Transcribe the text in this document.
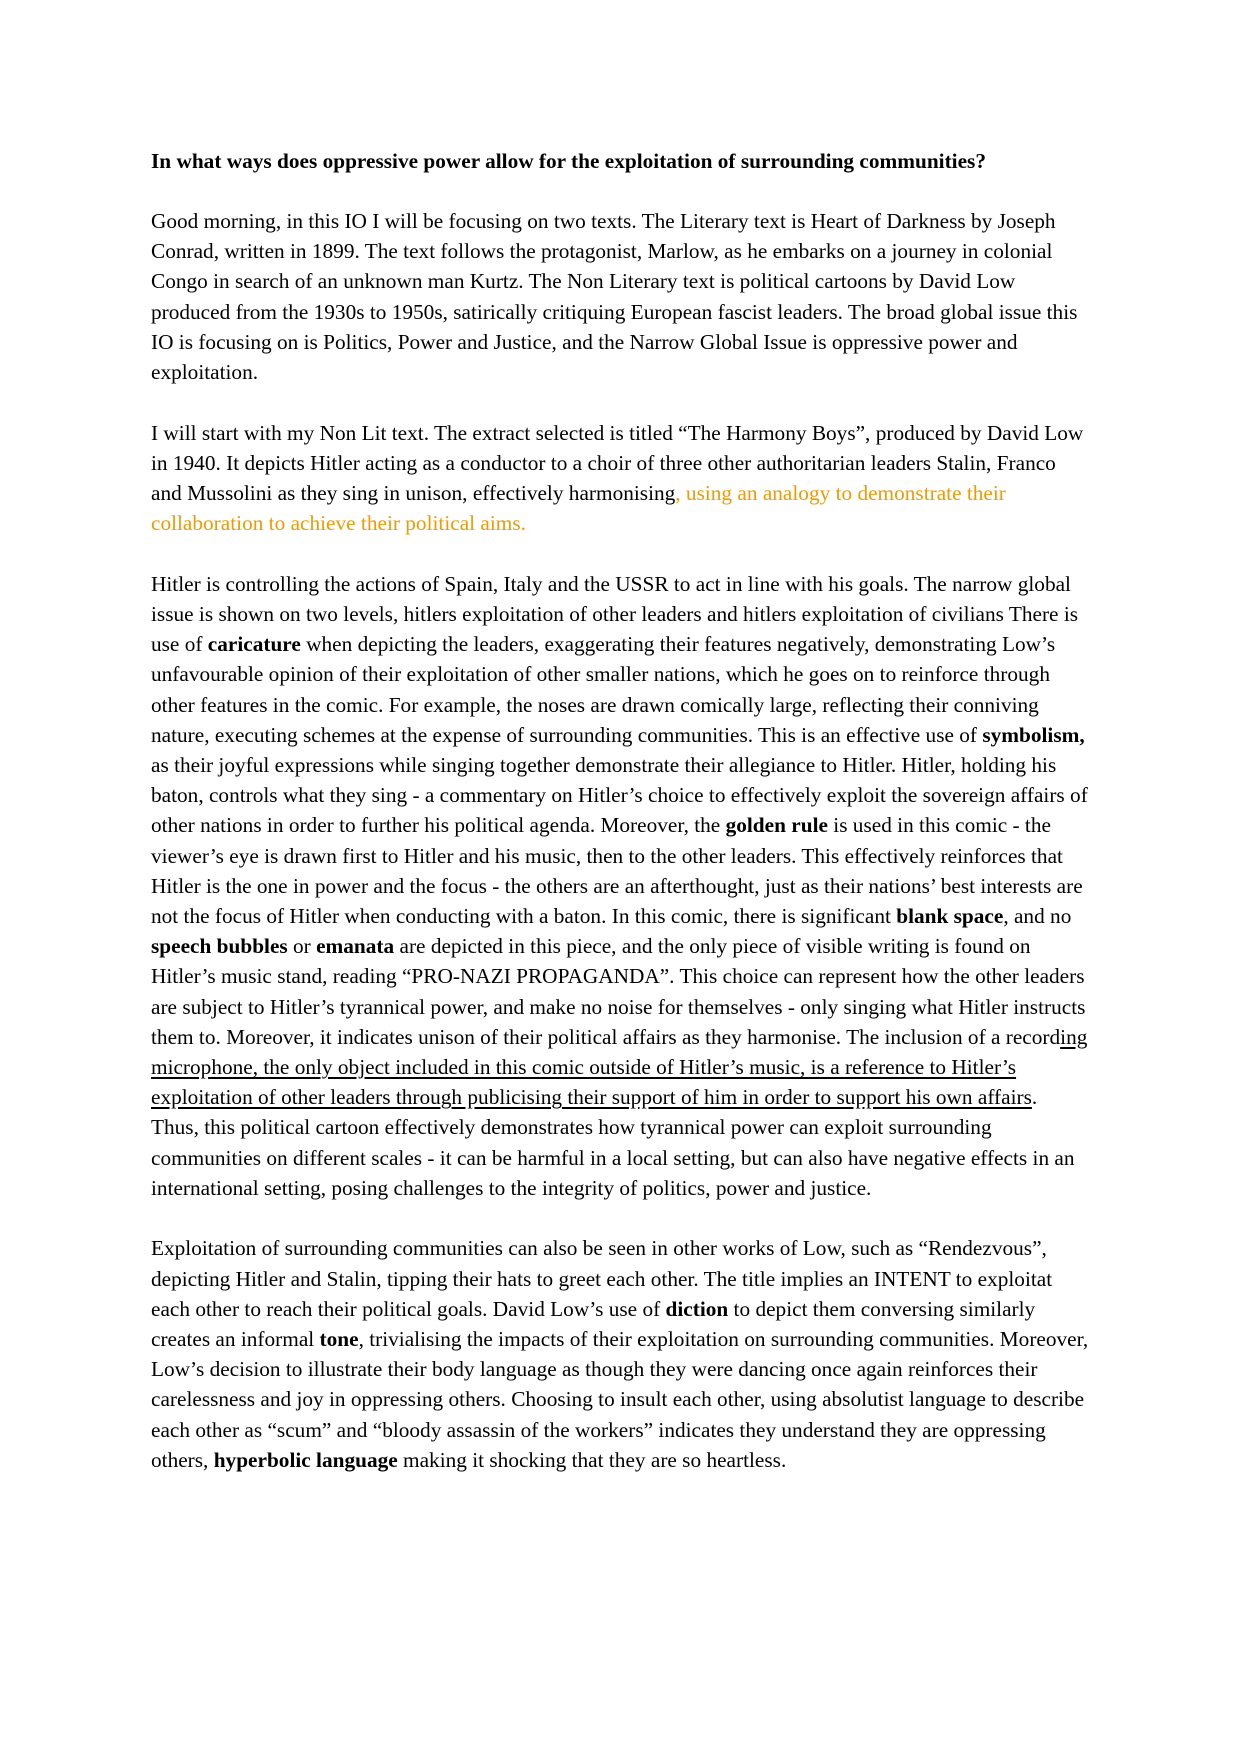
In what ways does oppressive power allow for the exploitation of surrounding communities?

Good morning, in this IO I will be focusing on two texts. The Literary text is Heart of Darkness by Joseph Conrad, written in 1899. The text follows the protagonist, Marlow, as he embarks on a journey in colonial Congo in search of an unknown man Kurtz. The Non Literary text is political cartoons by David Low produced from the 1930s to 1950s, satirically critiquing European fascist leaders. The broad global issue this IO is focusing on is Politics, Power and Justice, and the Narrow Global Issue is oppressive power and exploitation.

I will start with my Non Lit text. The extract selected is titled “The Harmony Boys”, produced by David Low in 1940. It depicts Hitler acting as a conductor to a choir of three other authoritarian leaders Stalin, Franco and Mussolini as they sing in unison, effectively harmonising, using an analogy to demonstrate their collaboration to achieve their political aims.

Hitler is controlling the actions of Spain, Italy and the USSR to act in line with his goals. The narrow global issue is shown on two levels, hitlers exploitation of other leaders and hitlers exploitation of civilians There is use of caricature when depicting the leaders, exaggerating their features negatively, demonstrating Low’s unfavourable opinion of their exploitation of other smaller nations, which he goes on to reinforce through other features in the comic. For example, the noses are drawn comically large, reflecting their conniving nature, executing schemes at the expense of surrounding communities. This is an effective use of symbolism, as their joyful expressions while singing together demonstrate their allegiance to Hitler. Hitler, holding his baton, controls what they sing - a commentary on Hitler’s choice to effectively exploit the sovereign affairs of other nations in order to further his political agenda. Moreover, the golden rule is used in this comic - the viewer’s eye is drawn first to Hitler and his music, then to the other leaders. This effectively reinforces that Hitler is the one in power and the focus - the others are an afterthought, just as their nations’ best interests are not the focus of Hitler when conducting with a baton. In this comic, there is significant blank space, and no speech bubbles or emanata are depicted in this piece, and the only piece of visible writing is found on Hitler’s music stand, reading “PRO-NAZI PROPAGANDA”. This choice can represent how the other leaders are subject to Hitler’s tyrannical power, and make no noise for themselves - only singing what Hitler instructs them to. Moreover, it indicates unison of their political affairs as they harmonise. The inclusion of a recording microphone, the only object included in this comic outside of Hitler’s music, is a reference to Hitler’s exploitation of other leaders through publicising their support of him in order to support his own affairs. Thus, this political cartoon effectively demonstrates how tyrannical power can exploit surrounding communities on different scales - it can be harmful in a local setting, but can also have negative effects in an international setting, posing challenges to the integrity of politics, power and justice.

Exploitation of surrounding communities can also be seen in other works of Low, such as “Rendezvous”, depicting Hitler and Stalin, tipping their hats to greet each other. The title implies an INTENT to exploitat each other to reach their political goals. David Low’s use of diction to depict them conversing similarly creates an informal tone, trivialising the impacts of their exploitation on surrounding communities. Moreover, Low’s decision to illustrate their body language as though they were dancing once again reinforces their carelessness and joy in oppressing others. Choosing to insult each other, using absolutist language to describe each other as “scum” and “bloody assassin of the workers” indicates they understand they are oppressing others, hyperbolic language making it shocking that they are so heartless.
